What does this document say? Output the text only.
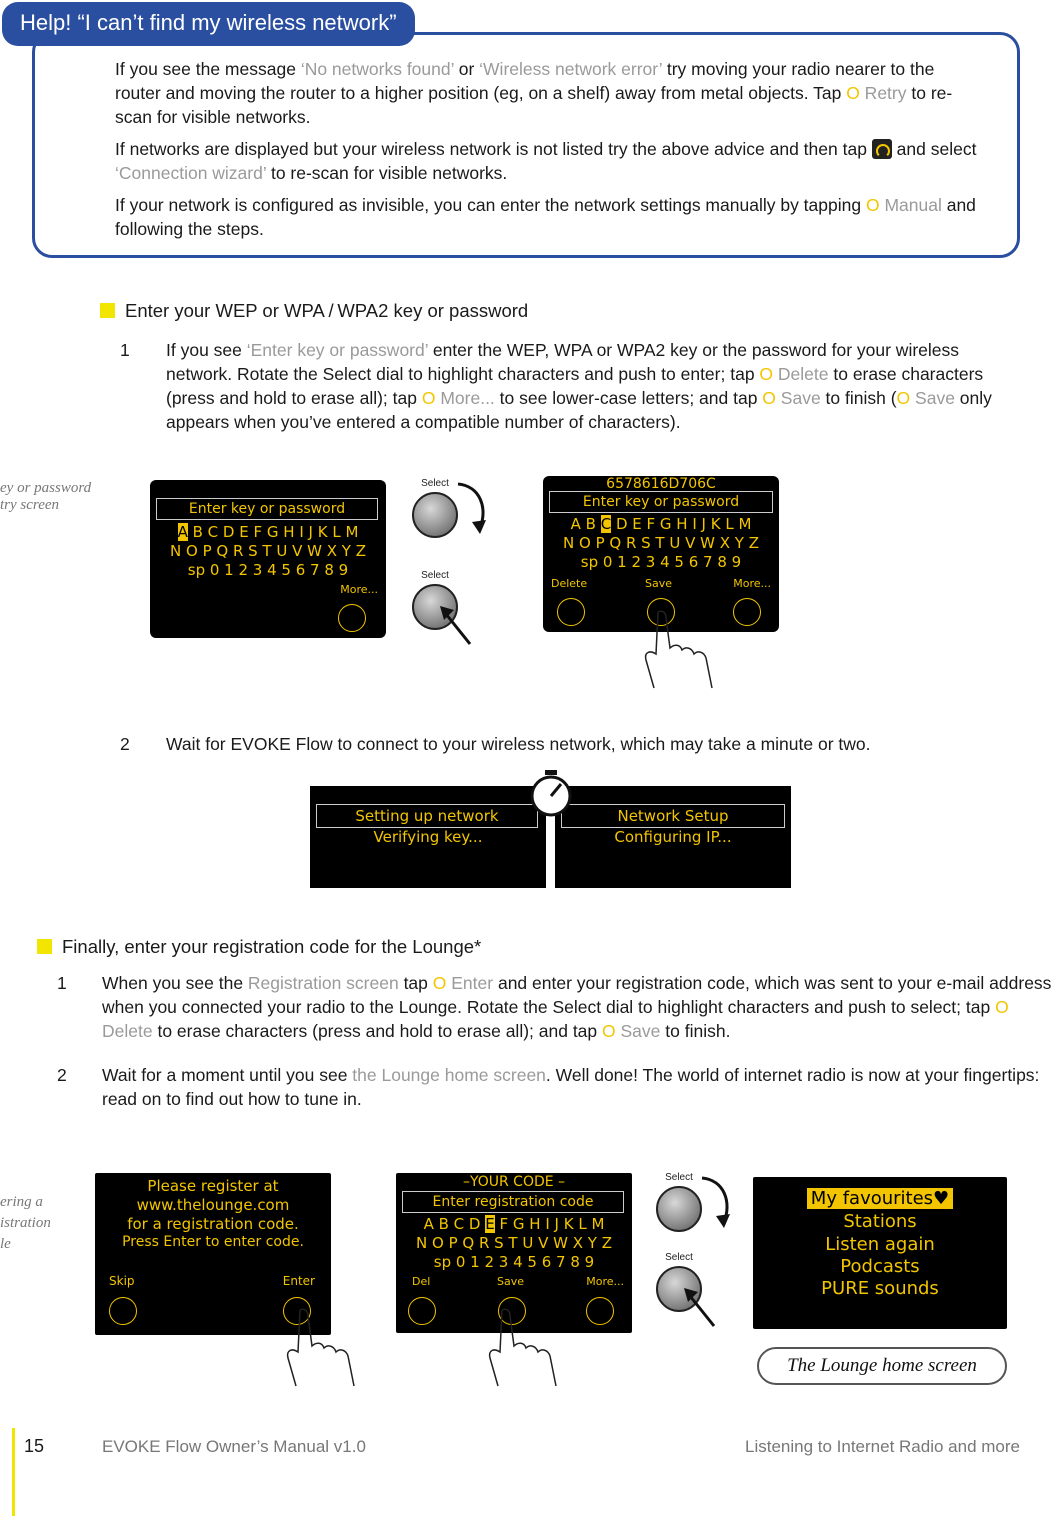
If you see the message ‘No networks found’ or ‘Wireless network error’ try moving your radio nearer to the router and moving the router to a higher position (eg, on a shelf) away from metal objects. Tap O Retry to re-scan for visible networks.
If networks are displayed but your wireless network is not listed try the above advice and then tap  and select ‘Connection wizard’ to re-scan for visible networks.
If your network is configured as invisible, you can enter the network settings manually by tapping O Manual and following the steps.
Help! “I can’t find my wireless network”
Enter your WEP or WPA / WPA2 key or password
1 If you see ‘Enter key or password’ enter the WEP, WPA or WPA2 key or the password for your wireless network. Rotate the Select dial to highlight characters and push to enter; tap O Delete to erase characters (press and hold to erase all); tap O More... to see lower-case letters; and tap O Save to finish (O Save only appears when you’ve entered a compatible number of characters).
ey or password
try screen	Enter key or password
A B C D E F G H I J K L M
N O P Q R S T U V W X Y Z
sp 0 1 2 3 4 5 6 7 8 9
More...
Select
Select
6578616D706C
Enter key or password
A B C D E F G H I J K L M
N O P Q R S T U V W X Y Z
sp 0 1 2 3 4 5 6 7 8 9
Delete	Save	More...
2 Wait for EVOKE Flow to connect to your wireless network, which may take a minute or two.
Setting up network
Verifying key...
Network Setup
Configuring IP...
Finally, enter your registration code for the Lounge*
1 When you see the Registration screen tap O Enter and enter your registration code, which was sent to your e-mail address when you connected your radio to the Lounge. Rotate the Select dial to highlight characters and push to select; tap O Delete to erase characters (press and hold to erase all); and tap O Save to finish.
2 Wait for a moment until you see the Lounge home screen. Well done! The world of internet radio is now at your fingertips: read on to find out how to tune in.
ering a
istration
le
Please register at
www.thelounge.com
for a registration code.
Press Enter to enter code.
Skip	Enter
–YOUR CODE –
Enter registration code
A B C D E F G H I J K L M
N O P Q R S T U V W X Y Z
sp 0 1 2 3 4 5 6 7 8 9
Del	Save	More...
Select
Select
My favourites♥
Stations
Listen again
Podcasts
PURE sounds
The Lounge home screen
15	EVOKE Flow Owner’s Manual v1.0	Listening to Internet Radio and more
